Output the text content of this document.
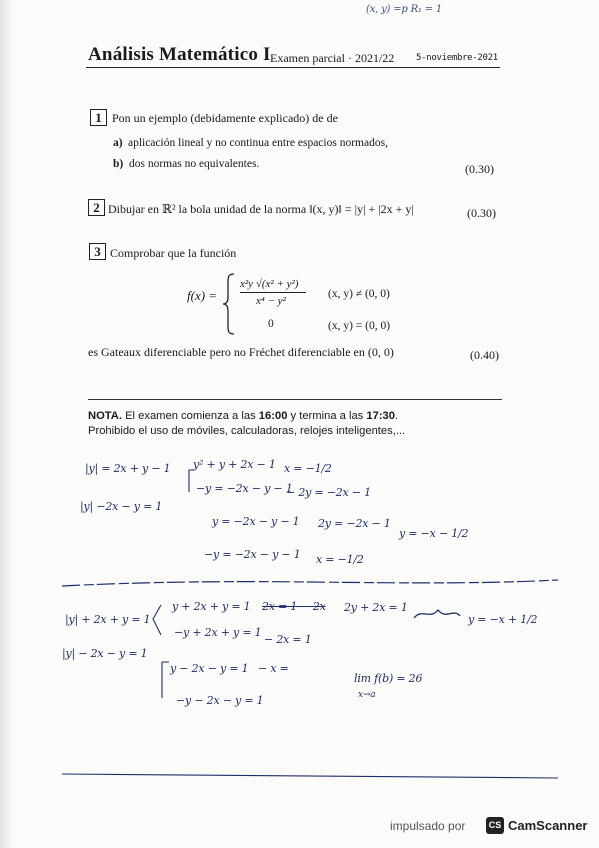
(x, y) =p R₁ = 1
Análisis Matemático I Examen parcial · 2021/22 5-noviembre-2021
1 Pon un ejemplo (debidamente explicado) de de
a) aplicación lineal y no continua entre espacios normados,
b) dos normas no equivalentes.	(0.30)
2 Dibujar en ℝ² la bola unidad de la norma ‖(x, y)‖ = |y| + |2x + y|	(0.30)
3 Comprobar que la función
f(x) =
x²y √(x² + y²)
x⁴ − y²
(x, y) ≠ (0, 0)
0	(x, y) = (0, 0)
es Gateaux diferenciable pero no Fréchet diferenciable en (0, 0)	(0.40)
NOTA. El examen comienza a las 16:00 y termina a las 17:30.
Prohibido el uso de móviles, calculadoras, relojes inteligentes,...
|y| = 2x + y − 1 y² + y + 2x − 1 x = −1/2
−y = −2x − y − 1
− 2y = −2x − 1
|y| −2x − y = 1
y = −2x − y − 1 2y = −2x − 1
y = −x − 1/2
−y = −2x − y − 1 x = −1/2
|y| + 2x + y = 1
y + 2x + y = 1 2x = 1 − 2x 2y + 2x = 1
y = −x + 1/2
−y + 2x + y = 1
− 2x = 1
|y| − 2x − y = 1
y − 2x − y = 1 − x =
lim f(b) = 26
−y − 2x − y = 1	x→a
impulsado por	CS CamScanner
